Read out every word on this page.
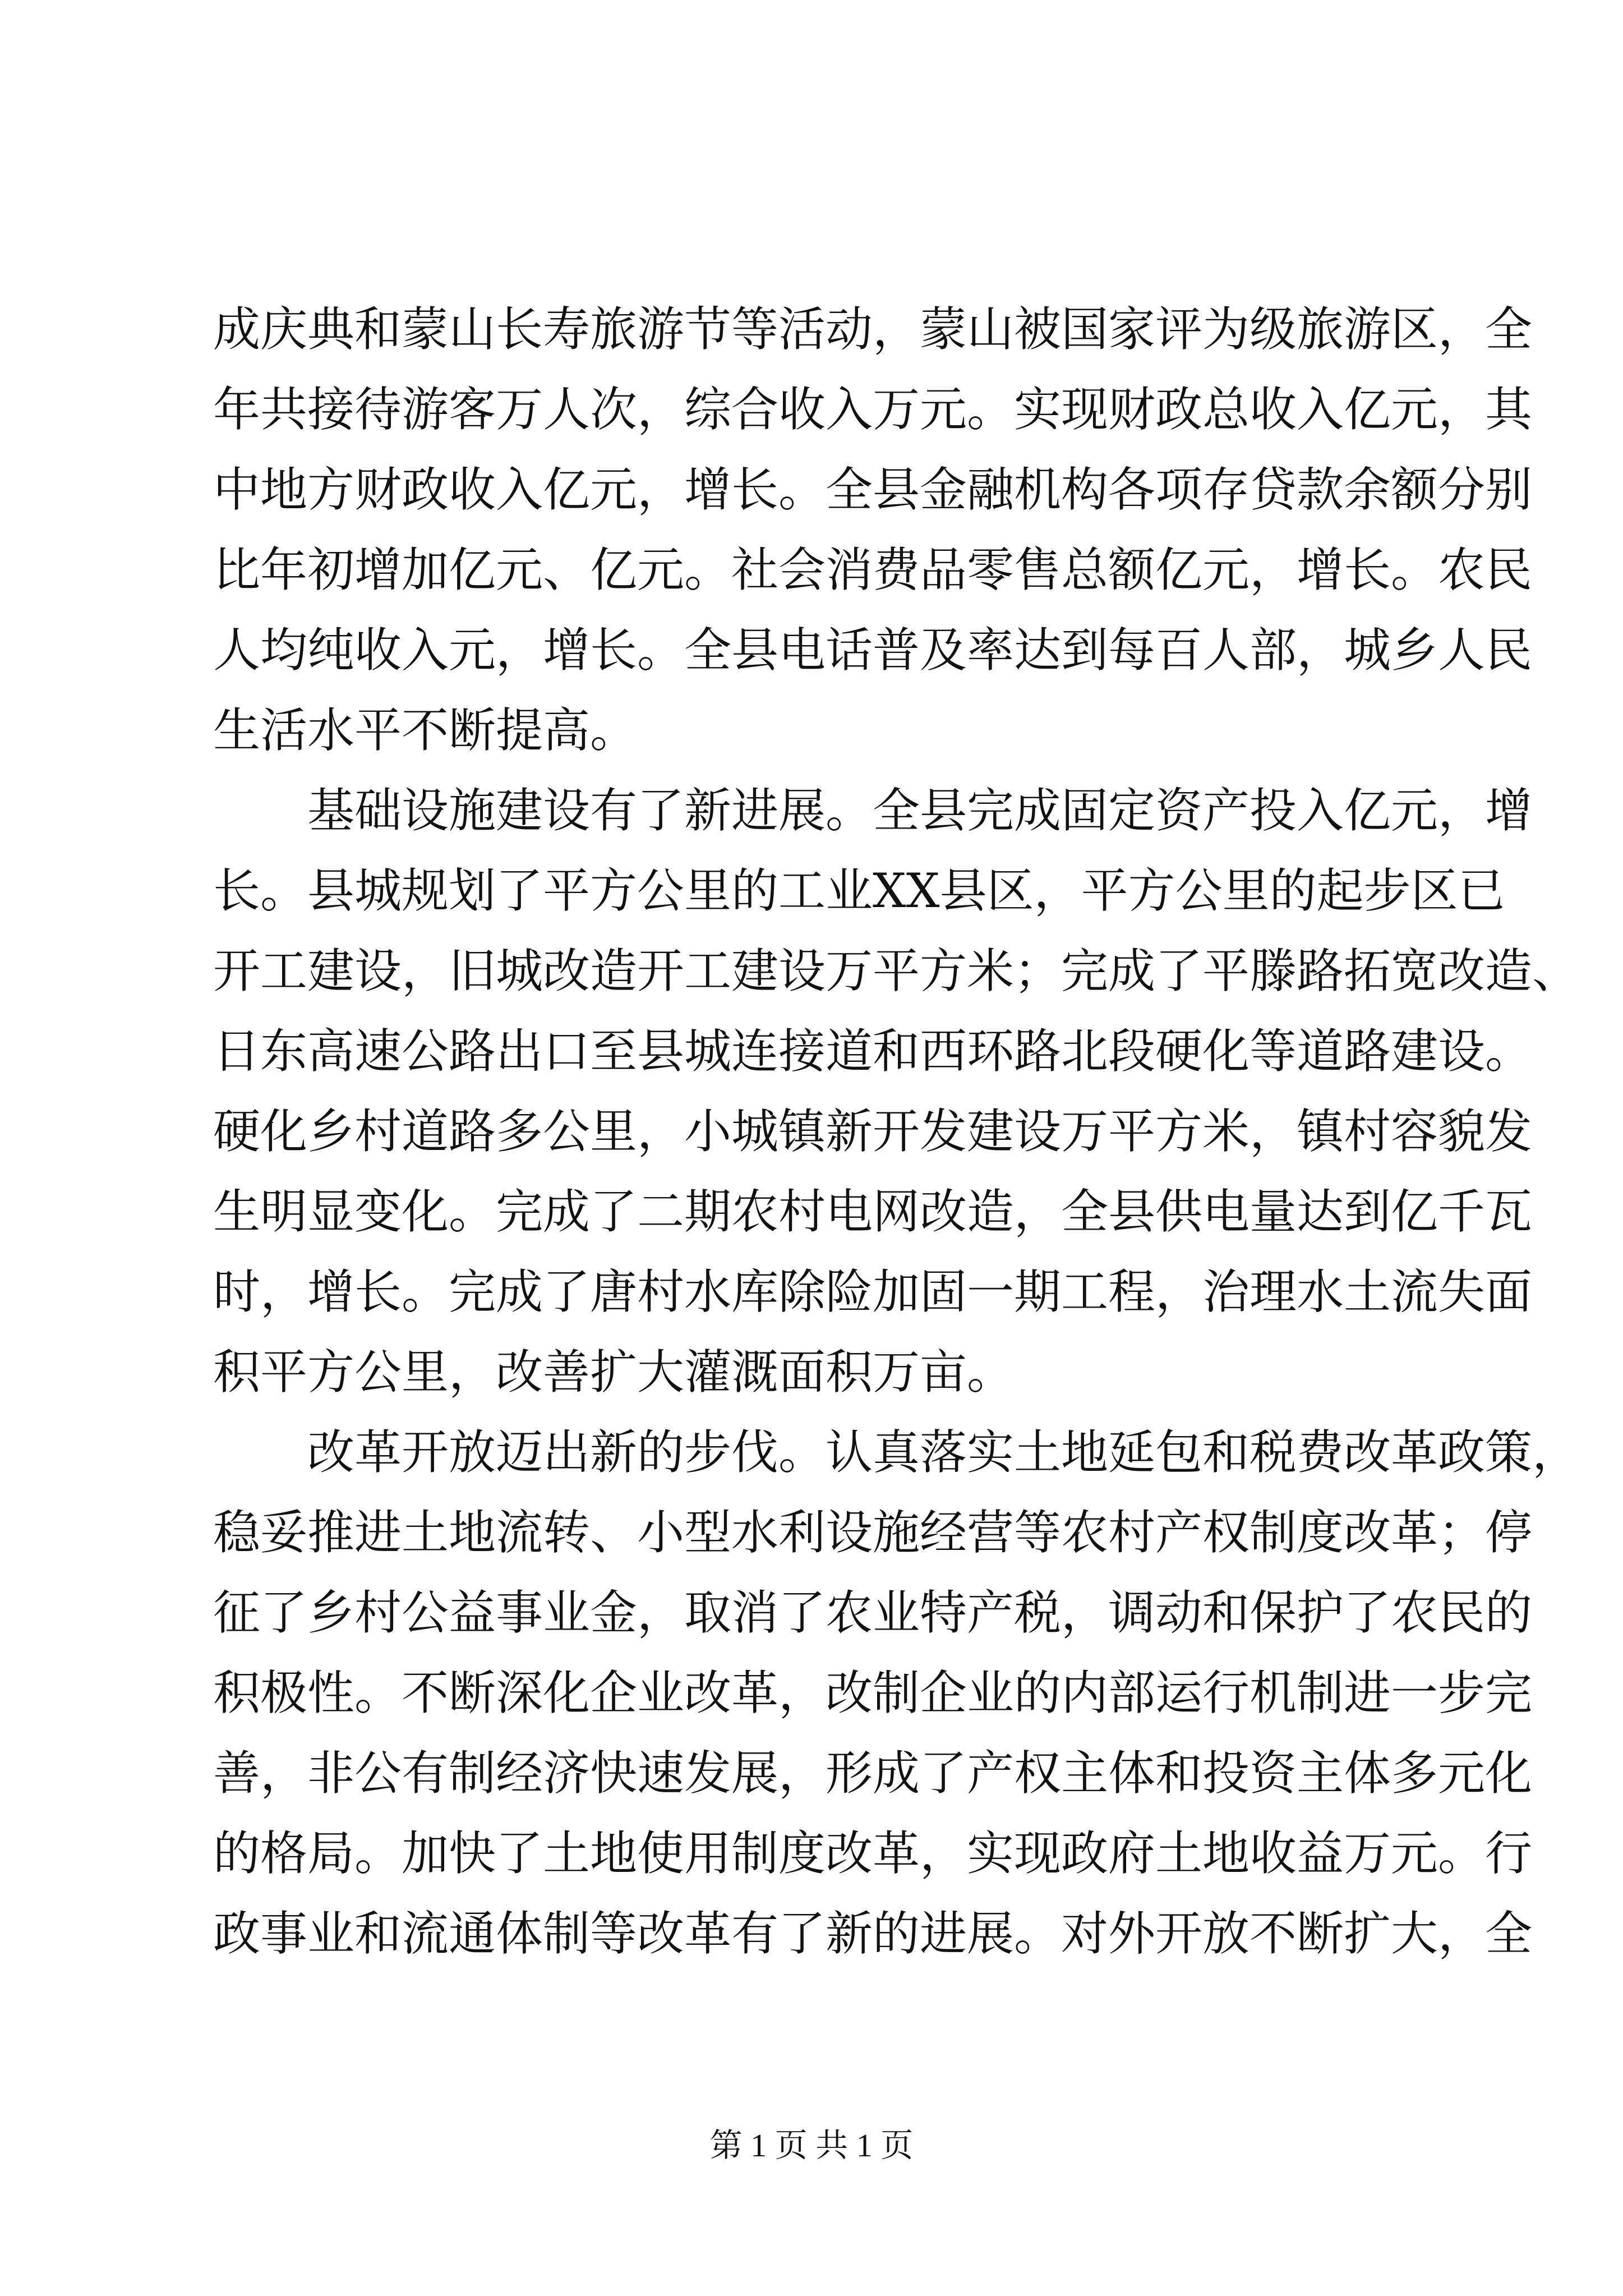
成庆典和蒙山长寿旅游节等活动，蒙山被国家评为级旅游区，全
年共接待游客万人次，综合收入万元。实现财政总收入亿元，其
中地方财政收入亿元，增长。全县金融机构各项存贷款余额分别
比年初增加亿元、亿元。社会消费品零售总额亿元，增长。农民
人均纯收入元，增长。全县电话普及率达到每百人部，城乡人民
生活水平不断提高。
基础设施建设有了新进展。全县完成固定资产投入亿元，增
长。县城规划了平方公里的工业XX县区，平方公里的起步区已
开工建设，旧城改造开工建设万平方米；完成了平滕路拓宽改造、
日东高速公路出口至县城连接道和西环路北段硬化等道路建设。
硬化乡村道路多公里，小城镇新开发建设万平方米，镇村容貌发
生明显变化。完成了二期农村电网改造，全县供电量达到亿千瓦
时，增长。完成了唐村水库除险加固一期工程，治理水土流失面
积平方公里，改善扩大灌溉面积万亩。
改革开放迈出新的步伐。认真落实土地延包和税费改革政策，
稳妥推进土地流转、小型水利设施经营等农村产权制度改革；停
征了乡村公益事业金，取消了农业特产税，调动和保护了农民的
积极性。不断深化企业改革，改制企业的内部运行机制进一步完
善，非公有制经济快速发展，形成了产权主体和投资主体多元化
的格局。加快了土地使用制度改革，实现政府土地收益万元。行
政事业和流通体制等改革有了新的进展。对外开放不断扩大，全
第 1 页 共 1 页
